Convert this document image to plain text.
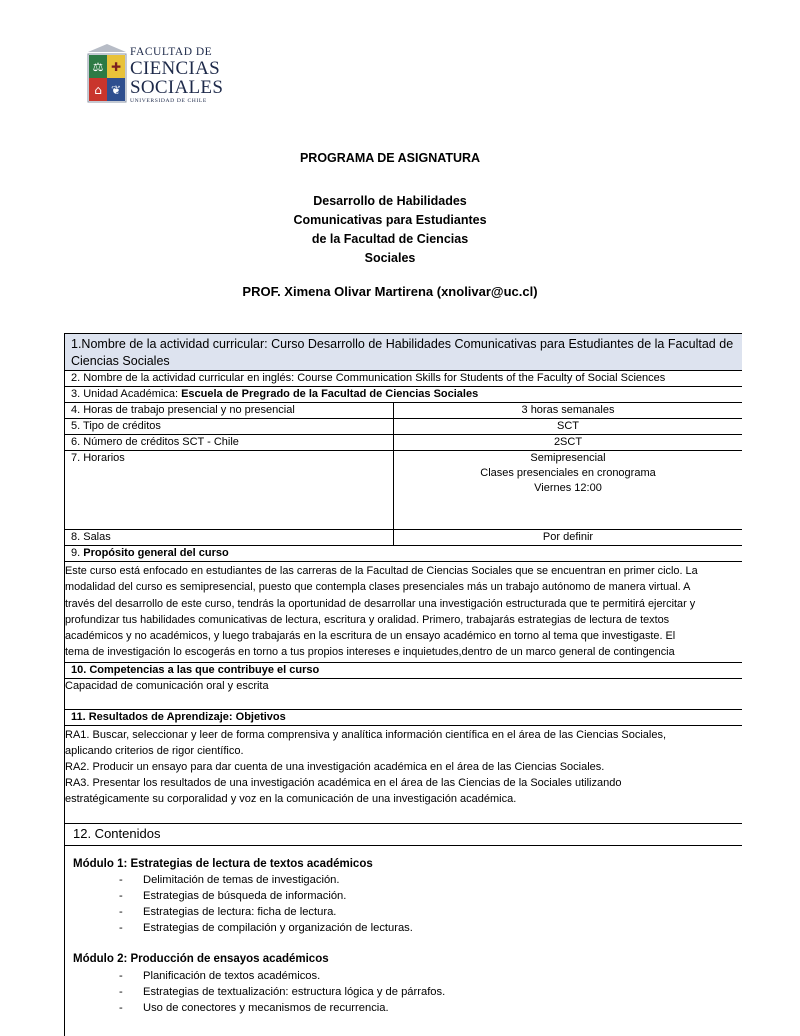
⚖ ✚
⌂ ❦
FACULTAD DE
CIENCIAS
SOCIALES
UNIVERSIDAD DE CHILE
PROGRAMA DE ASIGNATURA
Desarrollo de Habilidades
Comunicativas para Estudiantes
de la Facultad de Ciencias
Sociales
PROF. Ximena Olivar Martirena (xnolivar@uc.cl)
1.Nombre de la actividad curricular: Curso Desarrollo de Habilidades Comunicativas para Estudiantes de la Facultad de Ciencias Sociales
2. Nombre de la actividad curricular en inglés: Course Communication Skills for Students of the Faculty of Social Sciences
3. Unidad Académica: Escuela de Pregrado de la Facultad de Ciencias Sociales
4. Horas de trabajo presencial y no presencial	3 horas semanales
5. Tipo de créditos	SCT
6. Número de créditos SCT - Chile	2SCT
7. Horarios	Semipresencial
Clases presenciales en cronograma
Viernes 12:00
8. Salas	Por definir
9. Propósito general del curso
Este curso está enfocado en estudiantes de las carreras de la Facultad de Ciencias Sociales que se encuentran en primer ciclo. La
modalidad del curso es semipresencial, puesto que contempla clases presenciales más un trabajo autónomo de manera virtual. A
través del desarrollo de este curso, tendrás la oportunidad de desarrollar una investigación estructurada que te permitirá ejercitar y
profundizar tus habilidades comunicativas de lectura, escritura y oralidad. Primero, trabajarás estrategias de lectura de textos
académicos y no académicos, y luego trabajarás en la escritura de un ensayo académico en torno al tema que investigaste. El
tema de investigación lo escogerás en torno a tus propios intereses e inquietudes,dentro de un marco general de contingencia
10. Competencias a las que contribuye el curso
Capacidad de comunicación oral y escrita
11. Resultados de Aprendizaje: Objetivos
RA1. Buscar, seleccionar y leer de forma comprensiva y analítica información científica en el área de las Ciencias Sociales,
aplicando criterios de rigor científico.
RA2. Producir un ensayo para dar cuenta de una investigación académica en el área de las Ciencias Sociales.
RA3. Presentar los resultados de una investigación académica en el área de las Ciencias de la Sociales utilizando
estratégicamente su corporalidad y voz en la comunicación de una investigación académica.
12. Contenidos
Módulo 1: Estrategias de lectura de textos académicos
- Delimitación de temas de investigación.
- Estrategias de búsqueda de información.
- Estrategias de lectura: ficha de lectura.
- Estrategias de compilación y organización de lecturas.
Módulo 2: Producción de ensayos académicos
- Planificación de textos académicos.
- Estrategias de textualización: estructura lógica y de párrafos.
- Uso de conectores y mecanismos de recurrencia.
